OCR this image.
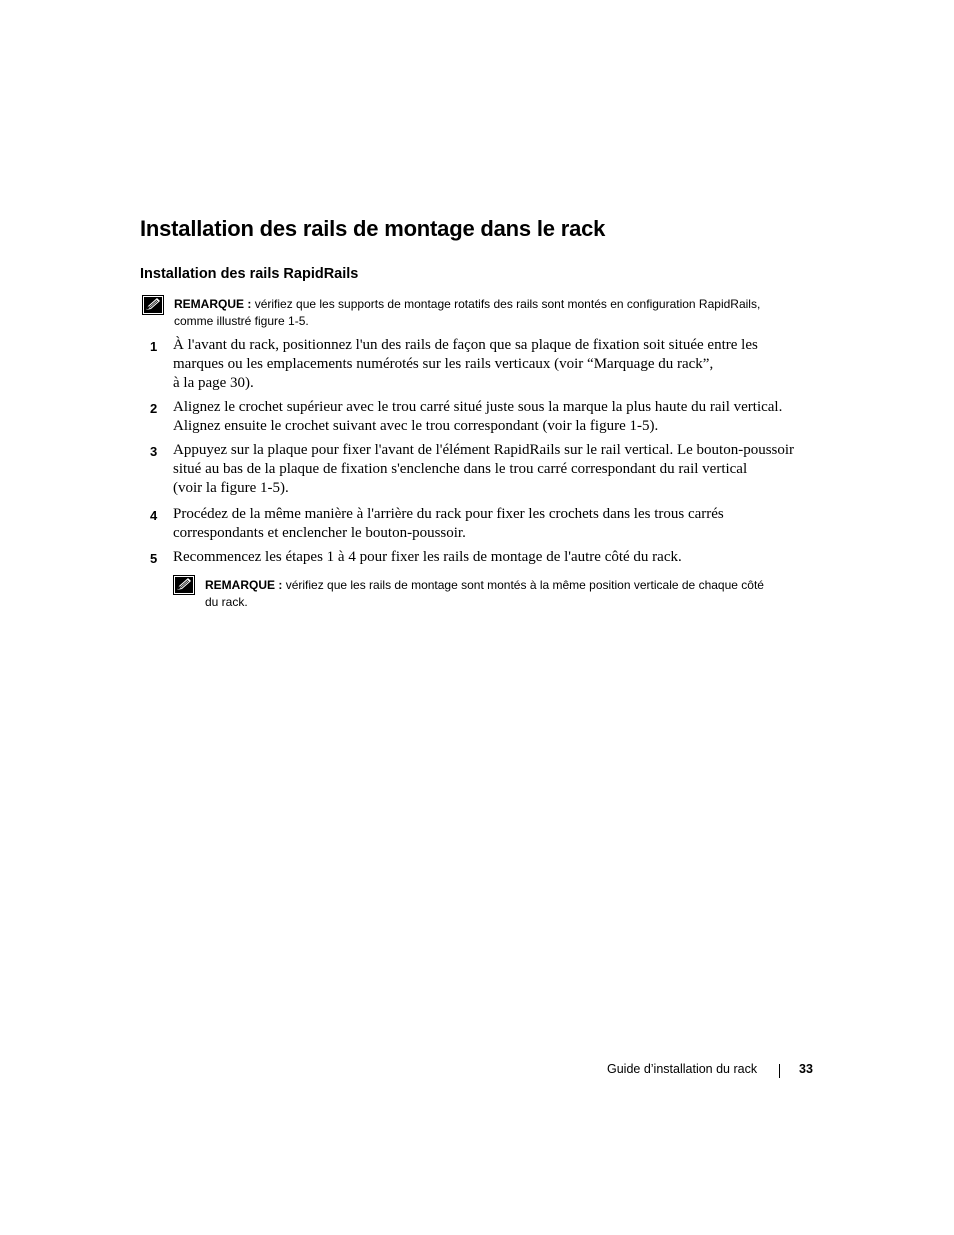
Installation des rails de montage dans le rack
Installation des rails RapidRails
REMARQUE : vérifiez que les supports de montage rotatifs des rails sont montés en configuration RapidRails,
comme illustré figure 1-5.
1 À l'avant du rack, positionnez l'un des rails de façon que sa plaque de fixation soit située entre les
marques ou les emplacements numérotés sur les rails verticaux (voir “Marquage du rack”,
à la page 30).
2 Alignez le crochet supérieur avec le trou carré situé juste sous la marque la plus haute du rail vertical.
Alignez ensuite le crochet suivant avec le trou correspondant (voir la figure 1-5).
3 Appuyez sur la plaque pour fixer l'avant de l'élément RapidRails sur le rail vertical. Le bouton-poussoir
situé au bas de la plaque de fixation s'enclenche dans le trou carré correspondant du rail vertical
(voir la figure 1-5).
4 Procédez de la même manière à l'arrière du rack pour fixer les crochets dans les trous carrés
correspondants et enclencher le bouton-poussoir.
5 Recommencez les étapes 1 à 4 pour fixer les rails de montage de l'autre côté du rack.
REMARQUE : vérifiez que les rails de montage sont montés à la même position verticale de chaque côté
du rack.
Guide d’installation du rack	33
